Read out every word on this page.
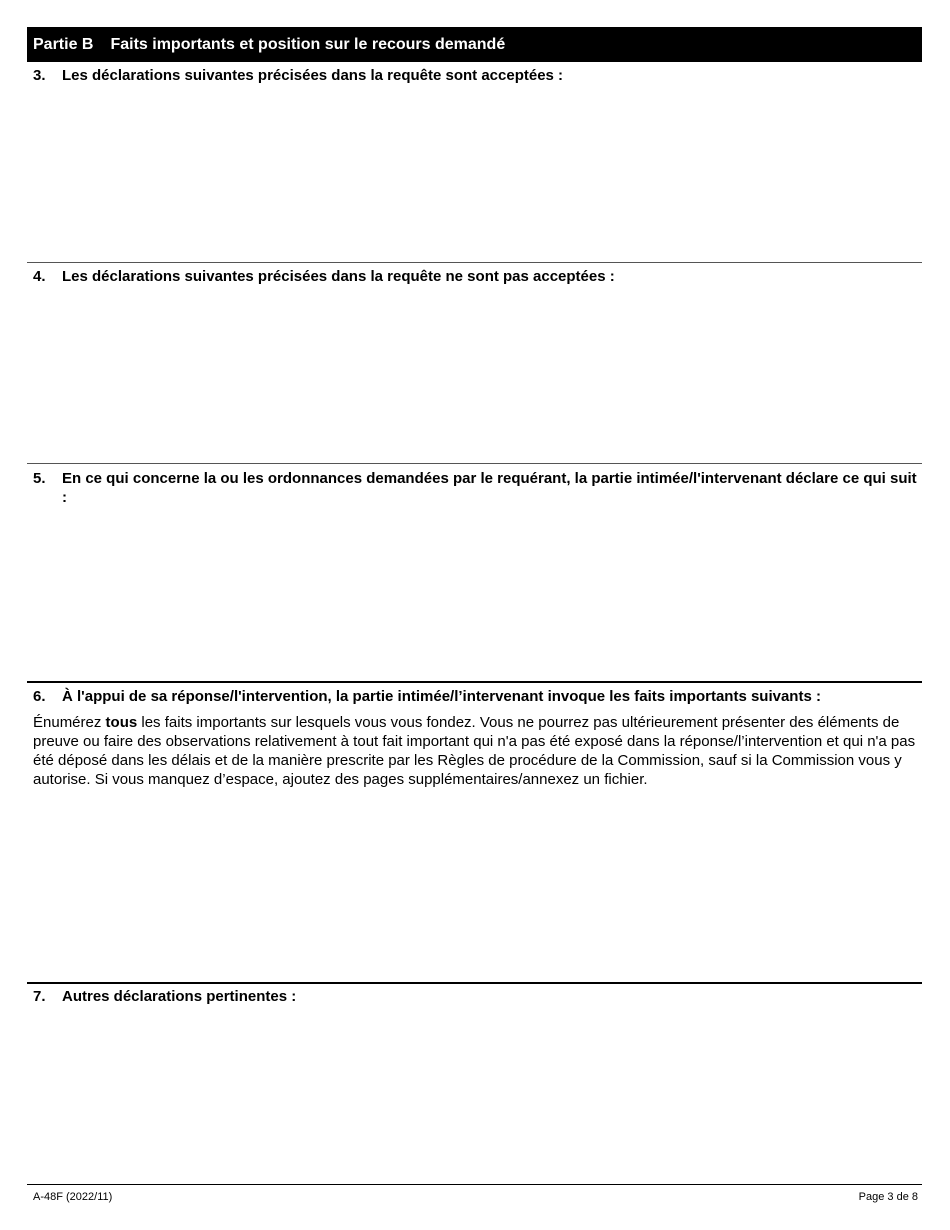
Partie B Faits importants et position sur le recours demandé
3.	Les déclarations suivantes précisées dans la requête sont acceptées :
4.	Les déclarations suivantes précisées dans la requête ne sont pas acceptées :
5.	En ce qui concerne la ou les ordonnances demandées par le requérant, la partie intimée/l'intervenant déclare ce qui suit :
6.	À l'appui de sa réponse/l'intervention, la partie intimée/l’intervenant invoque les faits importants suivants :
Énumérez tous les faits importants sur lesquels vous vous fondez. Vous ne pourrez pas ultérieurement présenter des éléments de preuve ou faire des observations relativement à tout fait important qui n'a pas été exposé dans la réponse/l’intervention et qui n'a pas été déposé dans les délais et de la manière prescrite par les Règles de procédure de la Commission, sauf si la Commission vous y autorise. Si vous manquez d’espace, ajoutez des pages supplémentaires/annexez un fichier.
7.	Autres déclarations pertinentes :
A-48F (2022/11)	Page 3 de 8
